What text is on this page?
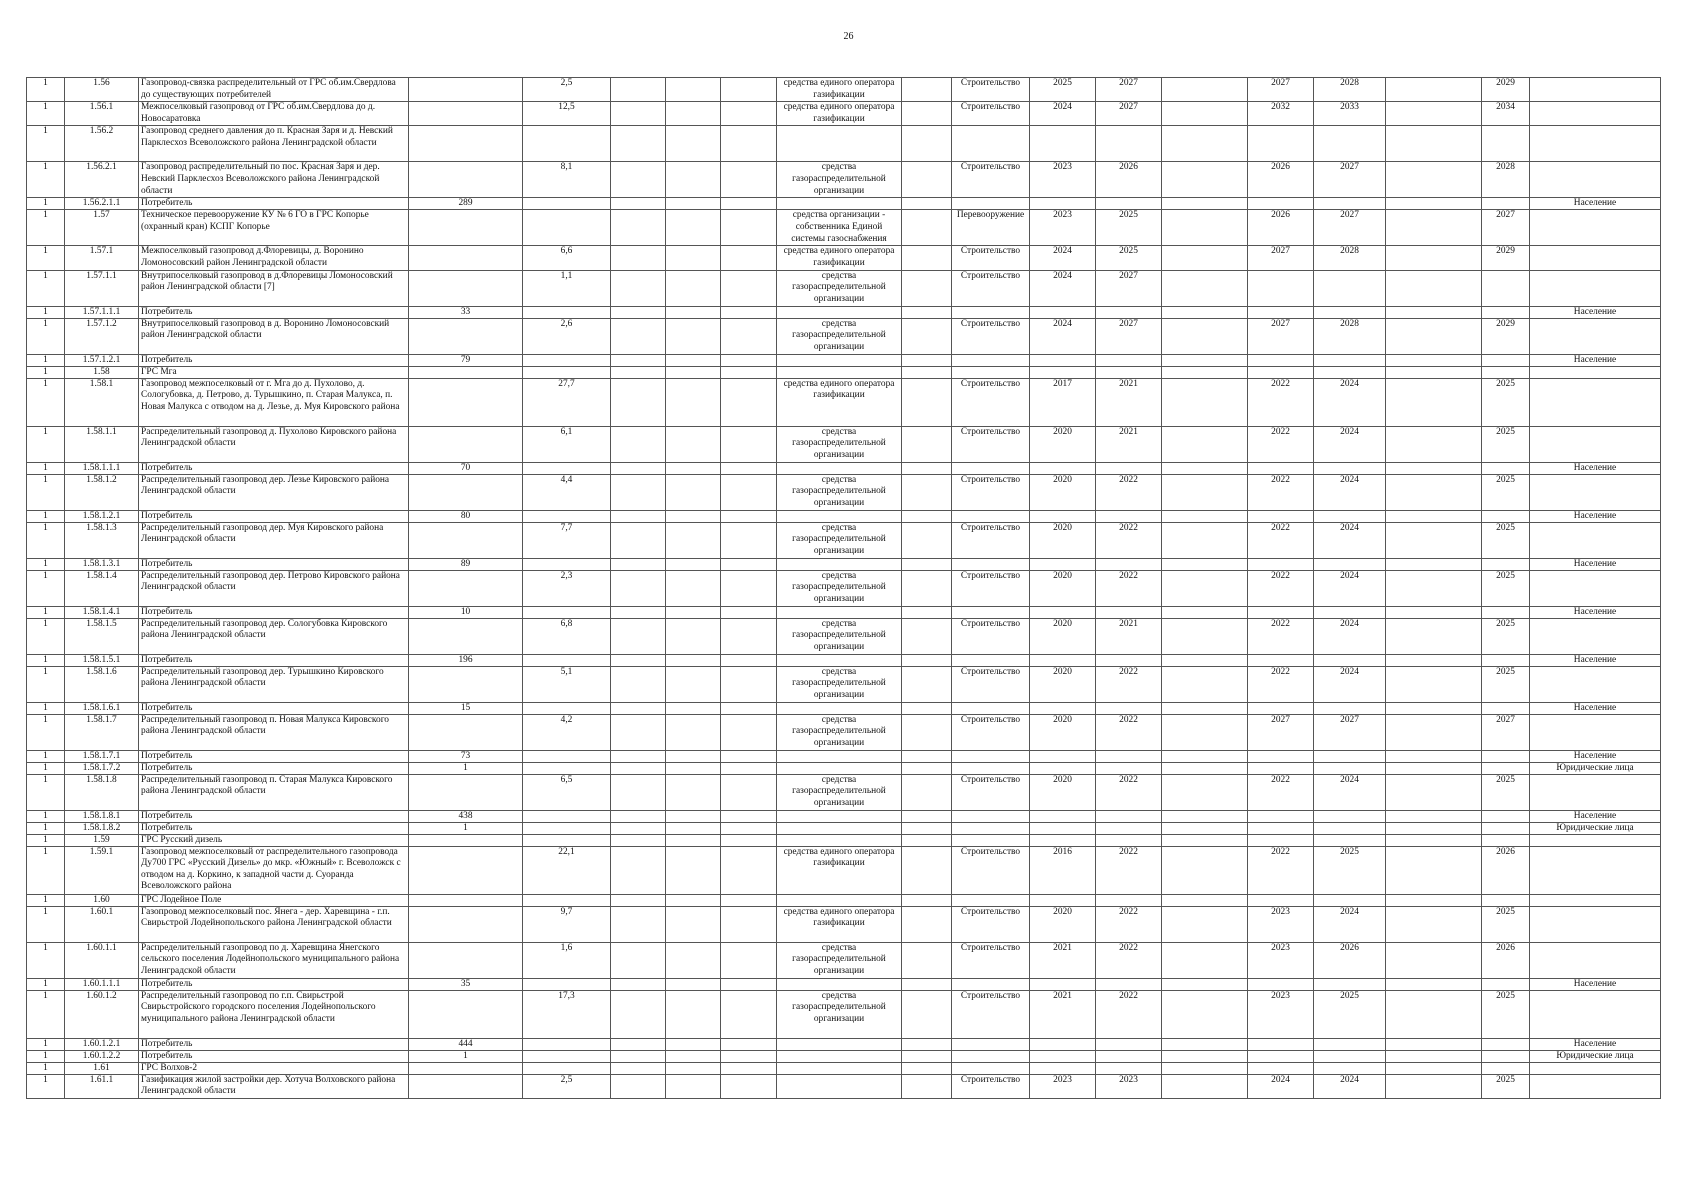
26
1	1.56	Газопровод-связка распределительный от ГРС об.им.Свердлова до существующих потребителей		2,5				средства единого оператора газификации		Строительство	2025	2027		2027	2028		2029	
1	1.56.1	Межпоселковый газопровод от ГРС об.им.Свердлова до д. Новосаратовка		12,5				средства единого оператора газификации		Строительство	2024	2027		2032	2033		2034	
1	1.56.2	Газопровод среднего давления до п. Красная Заря и д. Невский Парклесхоз Всеволожского района Ленинградской области																
1	1.56.2.1	Газопровод распределительный по пос. Красная Заря и дер. Невский Парклесхоз Всеволожского района Ленинградской области		8,1				средства газораспределительной организации		Строительство	2023	2026		2026	2027		2028	
1	1.56.2.1.1	Потребитель	289															Население
1	1.57	Техническое перевооружение КУ № 6 ГО в ГРС Копорье (охранный кран) КСПГ Копорье						средства организации - собственника Единой системы газоснабжения		Перевооружение	2023	2025		2026	2027		2027	
1	1.57.1	Межпоселковый газопровод д.Флоревицы, д. Воронино Ломоносовский район Ленинградской области		6,6				средства единого оператора газификации		Строительство	2024	2025		2027	2028		2029	
1	1.57.1.1	Внутрипоселковый газопровод в д.Флоревицы Ломоносовский район Ленинградской области [7]		1,1				средства газораспределительной организации		Строительство	2024	2027						
1	1.57.1.1.1	Потребитель	33															Население
1	1.57.1.2	Внутрипоселковый газопровод в д. Воронино Ломоносовский район Ленинградской области		2,6				средства газораспределительной организации		Строительство	2024	2027		2027	2028		2029	
1	1.57.1.2.1	Потребитель	79															Население
1	1.58	ГРС Мга																
1	1.58.1	Газопровод межпоселковый от г. Мга до д. Пухолово, д. Сологубовка, д. Петрово, д. Турышкино, п. Старая Малукса, п. Новая Малукса с отводом на д. Лезье, д. Муя Кировского района		27,7				средства единого оператора газификации		Строительство	2017	2021		2022	2024		2025	
1	1.58.1.1	Распределительный газопровод д. Пухолово Кировского района Ленинградской области		6,1				средства газораспределительной организации		Строительство	2020	2021		2022	2024		2025	
1	1.58.1.1.1	Потребитель	70															Население
1	1.58.1.2	Распределительный газопровод дер. Лезье Кировского района Ленинградской области		4,4				средства газораспределительной организации		Строительство	2020	2022		2022	2024		2025	
1	1.58.1.2.1	Потребитель	80															Население
1	1.58.1.3	Распределительный газопровод дер. Муя Кировского района Ленинградской области		7,7				средства газораспределительной организации		Строительство	2020	2022		2022	2024		2025	
1	1.58.1.3.1	Потребитель	89															Население
1	1.58.1.4	Распределительный газопровод дер. Петрово Кировского района Ленинградской области		2,3				средства газораспределительной организации		Строительство	2020	2022		2022	2024		2025	
1	1.58.1.4.1	Потребитель	10															Население
1	1.58.1.5	Распределительный газопровод дер. Сологубовка Кировского района Ленинградской области		6,8				средства газораспределительной организации		Строительство	2020	2021		2022	2024		2025	
1	1.58.1.5.1	Потребитель	196															Население
1	1.58.1.6	Распределительный газопровод дер. Турышкино Кировского района Ленинградской области		5,1				средства газораспределительной организации		Строительство	2020	2022		2022	2024		2025	
1	1.58.1.6.1	Потребитель	15															Население
1	1.58.1.7	Распределительный газопровод п. Новая Малукса Кировского района Ленинградской области		4,2				средства газораспределительной организации		Строительство	2020	2022		2027	2027		2027	
1	1.58.1.7.1	Потребитель	73															Население
1	1.58.1.7.2	Потребитель	1															Юридические лица
1	1.58.1.8	Распределительный газопровод п. Старая Малукса Кировского района Ленинградской области		6,5				средства газораспределительной организации		Строительство	2020	2022		2022	2024		2025	
1	1.58.1.8.1	Потребитель	438															Население
1	1.58.1.8.2	Потребитель	1															Юридические лица
1	1.59	ГРС Русский дизель																
1	1.59.1	Газопровод межпоселковый от распределительного газопровода Ду700 ГРС «Русский Дизель» до мкр. «Южный» г. Всеволожск с отводом на д. Коркино, к западной части д. Суоранда Всеволожского района		22,1				средства единого оператора газификации		Строительство	2016	2022		2022	2025		2026	
1	1.60	ГРС Лодейное Поле																
1	1.60.1	Газопровод межпоселковый пос. Янега - дер. Харевщина - г.п. Свирьстрой Лодейнопольского района Ленинградской области		9,7				средства единого оператора газификации		Строительство	2020	2022		2023	2024		2025	
1	1.60.1.1	Распределительный газопровод по д. Харевщина Янегского сельского поселения Лодейнопольского муниципального района Ленинградской области		1,6				средства газораспределительной организации		Строительство	2021	2022		2023	2026		2026	
1	1.60.1.1.1	Потребитель	35															Население
1	1.60.1.2	Распределительный газопровод по г.п. Свирьстрой Свирьстройского городского поселения Лодейнопольского муниципального района Ленинградской области		17,3				средства газораспределительной организации		Строительство	2021	2022		2023	2025		2025	
1	1.60.1.2.1	Потребитель	444															Население
1	1.60.1.2.2	Потребитель	1															Юридические лица
1	1.61	ГРС Волхов-2																
1	1.61.1	Газификация жилой застройки дер. Хотуча Волховского района Ленинградской области		2,5						Строительство	2023	2023		2024	2024		2025	
